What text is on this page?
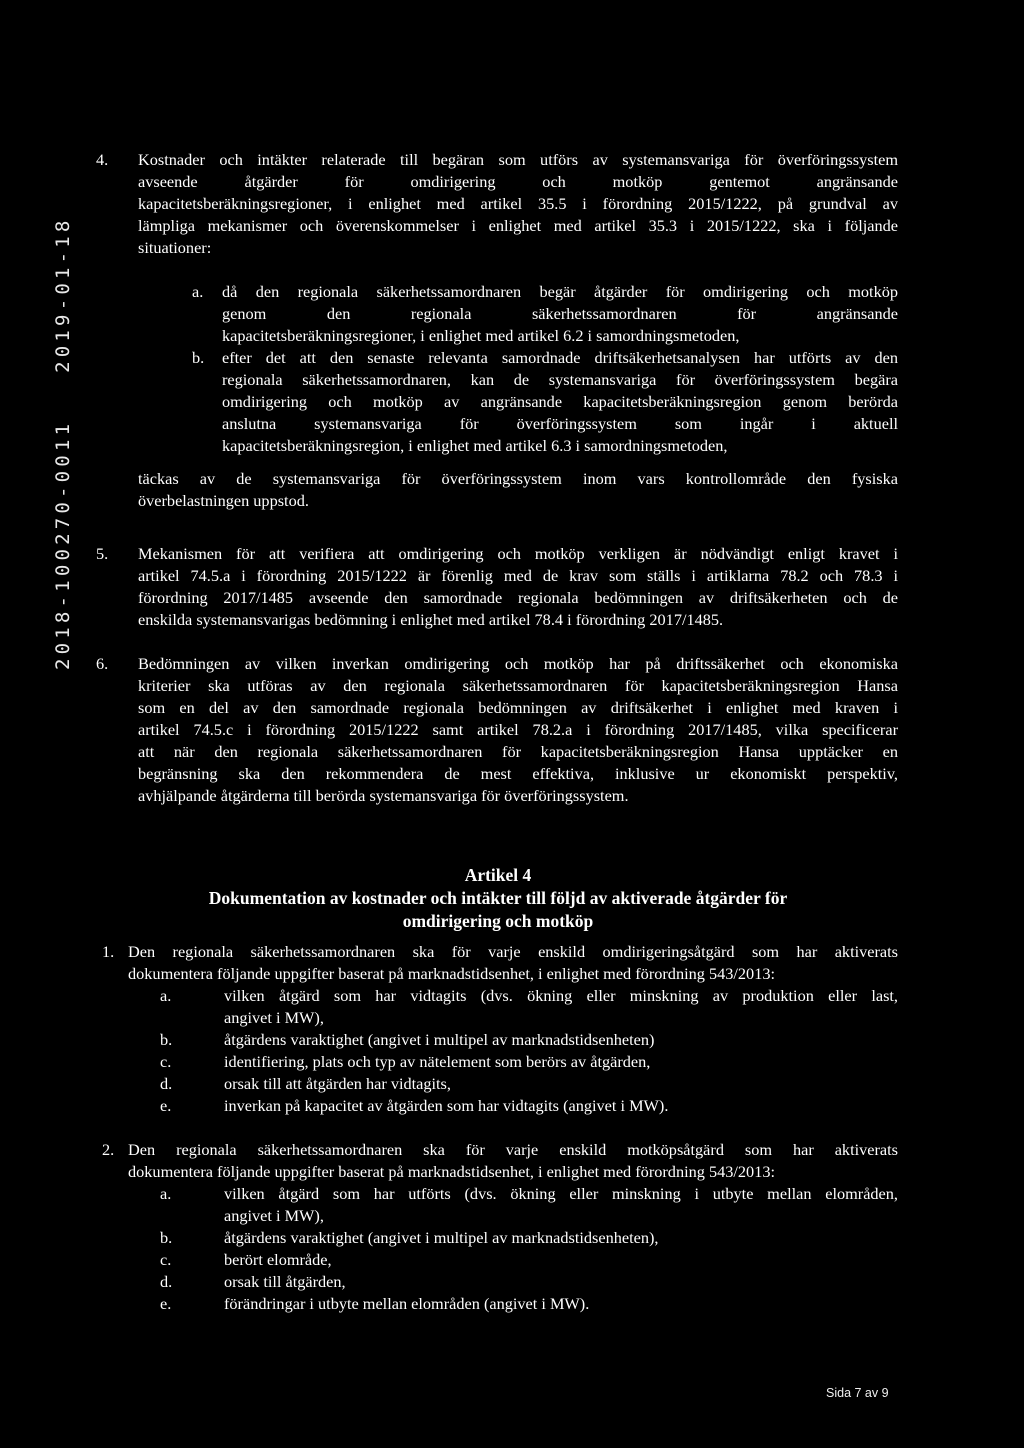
2018-100270-0011   2019-01-18
4. Kostnader och intäkter relaterade till begäran som utförs av systemansvariga för överföringssystem
avseende åtgärder för omdirigering och motköp gentemot angränsande
kapacitetsberäkningsregioner, i enlighet med artikel 35.5 i förordning 2015/1222, på grundval av
lämpliga mekanismer och överenskommelser i enlighet med artikel 35.3 i 2015/1222, ska i följande
situationer:
a. då den regionala säkerhetssamordnaren begär åtgärder för omdirigering och motköp
genom den regionala säkerhetssamordnaren för angränsande
kapacitetsberäkningsregioner, i enlighet med artikel 6.2 i samordningsmetoden,
b. efter det att den senaste relevanta samordnade driftsäkerhetsanalysen har utförts av den
regionala säkerhetssamordnaren, kan de systemansvariga för överföringssystem begära
omdirigering och motköp av angränsande kapacitetsberäkningsregion genom berörda
anslutna systemansvariga för överföringssystem som ingår i aktuell
kapacitetsberäkningsregion, i enlighet med artikel 6.3 i samordningsmetoden,
täckas av de systemansvariga för överföringssystem inom vars kontrollområde den fysiska
överbelastningen uppstod.
5. Mekanismen för att verifiera att omdirigering och motköp verkligen är nödvändigt enligt kravet i
artikel 74.5.a i förordning 2015/1222 är förenlig med de krav som ställs i artiklarna 78.2 och 78.3 i
förordning 2017/1485 avseende den samordnade regionala bedömningen av driftsäkerheten och de
enskilda systemansvarigas bedömning i enlighet med artikel 78.4 i förordning 2017/1485.
6. Bedömningen av vilken inverkan omdirigering och motköp har på driftssäkerhet och ekonomiska
kriterier ska utföras av den regionala säkerhetssamordnaren för kapacitetsberäkningsregion Hansa
som en del av den samordnade regionala bedömningen av driftsäkerhet i enlighet med kraven i
artikel 74.5.c i förordning 2015/1222 samt artikel 78.2.a i förordning 2017/1485, vilka specificerar
att när den regionala säkerhetssamordnaren för kapacitetsberäkningsregion Hansa upptäcker en
begränsning ska den rekommendera de mest effektiva, inklusive ur ekonomiskt perspektiv,
avhjälpande åtgärderna till berörda systemansvariga för överföringssystem.
Artikel 4
Dokumentation av kostnader och intäkter till följd av aktiverade åtgärder för
omdirigering och motköp
1. Den regionala säkerhetssamordnaren ska för varje enskild omdirigeringsåtgärd som har aktiverats
dokumentera följande uppgifter baserat på marknadstidsenhet, i enlighet med förordning 543/2013:
a.	vilken åtgärd som har vidtagits (dvs. ökning eller minskning av produktion eller last,
angivet i MW),
b.	åtgärdens varaktighet (angivet i multipel av marknadstidsenheten)
c.	identifiering, plats och typ av nätelement som berörs av åtgärden,
d.	orsak till att åtgärden har vidtagits,
e.	inverkan på kapacitet av åtgärden som har vidtagits (angivet i MW).
2. Den regionala säkerhetssamordnaren ska för varje enskild motköpsåtgärd som har aktiverats
dokumentera följande uppgifter baserat på marknadstidsenhet, i enlighet med förordning 543/2013:
a.	vilken åtgärd som har utförts (dvs. ökning eller minskning i utbyte mellan elområden,
angivet i MW),
b.	åtgärdens varaktighet (angivet i multipel av marknadstidsenheten),
c.	berört elområde,
d.	orsak till åtgärden,
e.	förändringar i utbyte mellan elområden (angivet i MW).
Sida 7 av 9
